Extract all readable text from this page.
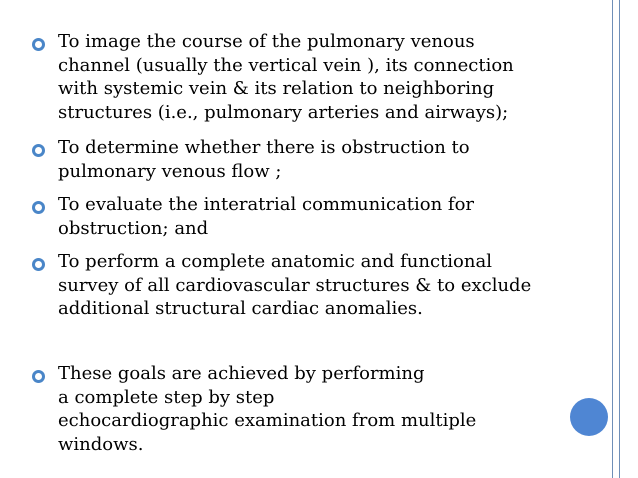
To image the course of the pulmonary venous
channel (usually the vertical vein ), its connection
with systemic vein & its relation to neighboring
structures (i.e., pulmonary arteries and airways);
To determine whether there is obstruction to
pulmonary venous flow ;
To evaluate the interatrial communication for
obstruction; and
To perform a complete anatomic and functional
survey of all cardiovascular structures & to exclude
additional structural cardiac anomalies.
These goals are achieved by performing
a complete step by step
echocardiographic examination from multiple
windows.
